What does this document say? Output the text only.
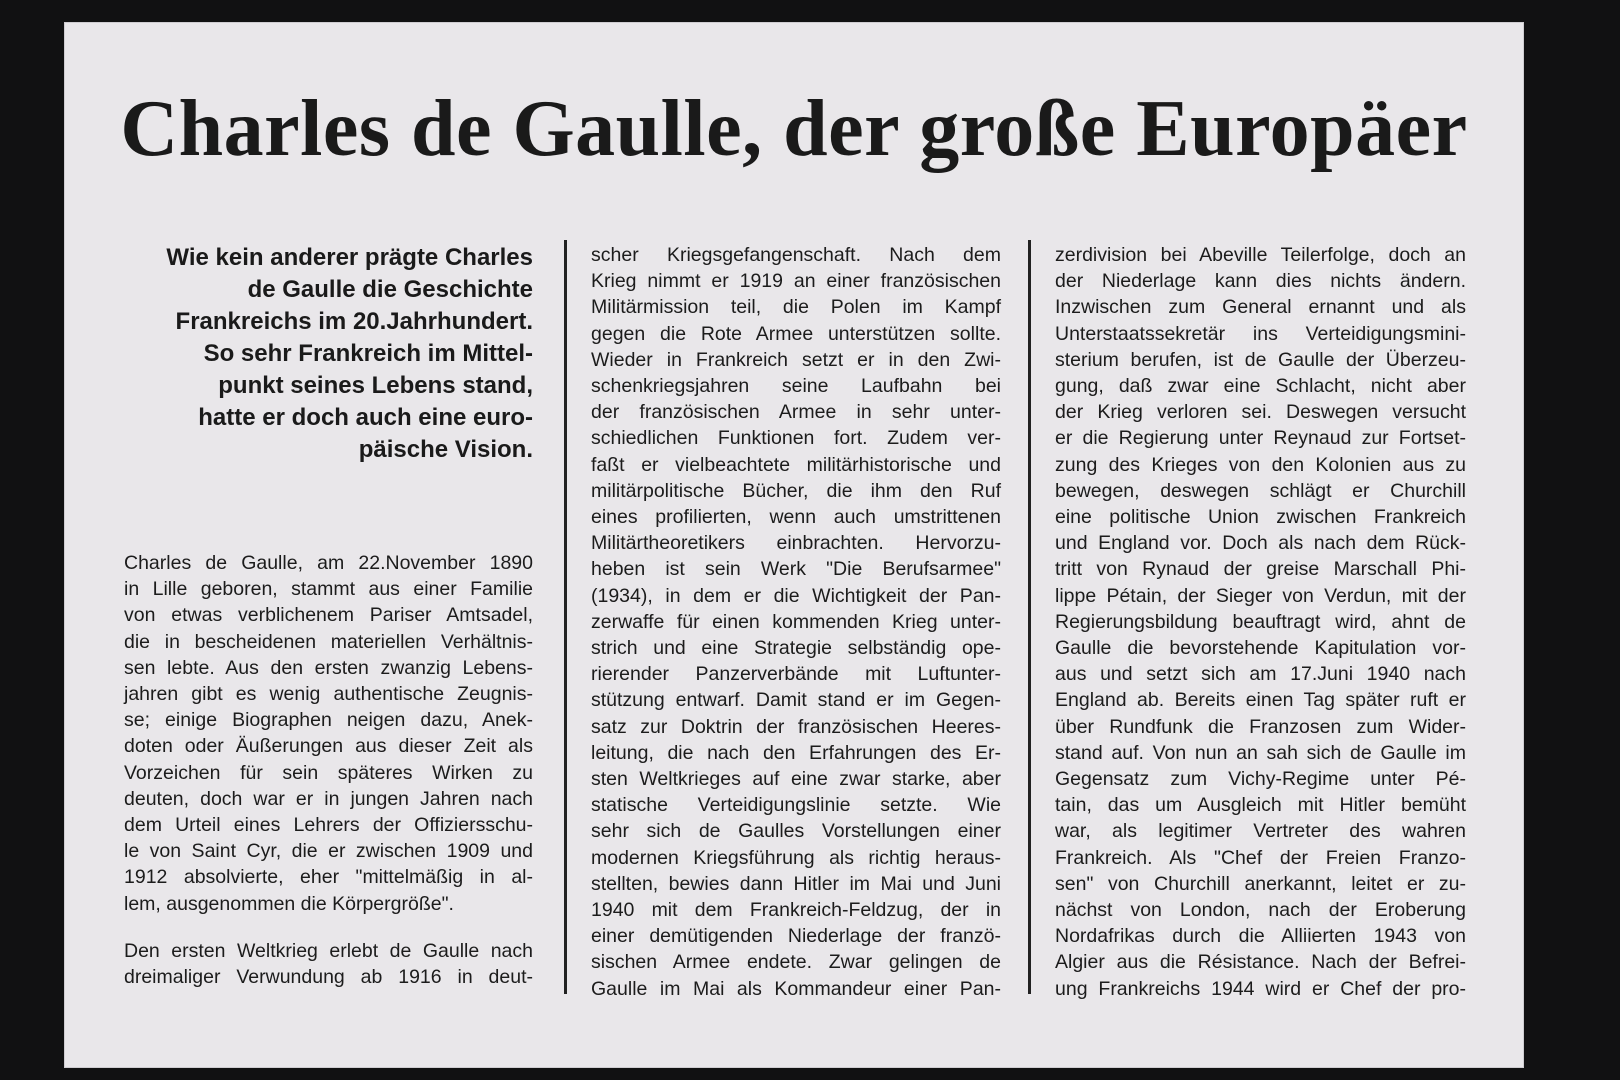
Charles de Gaulle, der große Europäer
Wie kein anderer prägte Charles
de Gaulle die Geschichte
Frankreichs im 20.Jahrhundert.
So sehr Frankreich im Mittel-
punkt seines Lebens stand,
hatte er doch auch eine euro-
päische Vision.
Charles de Gaulle, am 22.November 1890
in Lille geboren, stammt aus einer Familie
von etwas verblichenem Pariser Amtsadel,
die in bescheidenen materiellen Verhältnis-
sen lebte. Aus den ersten zwanzig Lebens-
jahren gibt es wenig authentische Zeugnis-
se; einige Biographen neigen dazu, Anek-
doten oder Äußerungen aus dieser Zeit als
Vorzeichen für sein späteres Wirken zu
deuten, doch war er in jungen Jahren nach
dem Urteil eines Lehrers der Offiziersschu-
le von Saint Cyr, die er zwischen 1909 und
1912 absolvierte, eher "mittelmäßig in al-
lem, ausgenommen die Körpergröße".
Den ersten Weltkrieg erlebt de Gaulle nach
dreimaliger Verwundung ab 1916 in deut-
scher Kriegsgefangenschaft. Nach dem
Krieg nimmt er 1919 an einer französischen
Militärmission teil, die Polen im Kampf
gegen die Rote Armee unterstützen sollte.
Wieder in Frankreich setzt er in den Zwi-
schenkriegsjahren seine Laufbahn bei
der französischen Armee in sehr unter-
schiedlichen Funktionen fort. Zudem ver-
faßt er vielbeachtete militärhistorische und
militärpolitische Bücher, die ihm den Ruf
eines profilierten, wenn auch umstrittenen
Militärtheoretikers einbrachten. Hervorzu-
heben ist sein Werk "Die Berufsarmee"
(1934), in dem er die Wichtigkeit der Pan-
zerwaffe für einen kommenden Krieg unter-
strich und eine Strategie selbständig ope-
rierender Panzerverbände mit Luftunter-
stützung entwarf. Damit stand er im Gegen-
satz zur Doktrin der französischen Heeres-
leitung, die nach den Erfahrungen des Er-
sten Weltkrieges auf eine zwar starke, aber
statische Verteidigungslinie setzte. Wie
sehr sich de Gaulles Vorstellungen einer
modernen Kriegsführung als richtig heraus-
stellten, bewies dann Hitler im Mai und Juni
1940 mit dem Frankreich-Feldzug, der in
einer demütigenden Niederlage der franzö-
sischen Armee endete. Zwar gelingen de
Gaulle im Mai als Kommandeur einer Pan-
zerdivision bei Abeville Teilerfolge, doch an
der Niederlage kann dies nichts ändern.
Inzwischen zum General ernannt und als
Unterstaatssekretär ins Verteidigungsmini-
sterium berufen, ist de Gaulle der Überzeu-
gung, daß zwar eine Schlacht, nicht aber
der Krieg verloren sei. Deswegen versucht
er die Regierung unter Reynaud zur Fortset-
zung des Krieges von den Kolonien aus zu
bewegen, deswegen schlägt er Churchill
eine politische Union zwischen Frankreich
und England vor. Doch als nach dem Rück-
tritt von Rynaud der greise Marschall Phi-
lippe Pétain, der Sieger von Verdun, mit der
Regierungsbildung beauftragt wird, ahnt de
Gaulle die bevorstehende Kapitulation vor-
aus und setzt sich am 17.Juni 1940 nach
England ab. Bereits einen Tag später ruft er
über Rundfunk die Franzosen zum Wider-
stand auf. Von nun an sah sich de Gaulle im
Gegensatz zum Vichy-Regime unter Pé-
tain, das um Ausgleich mit Hitler bemüht
war, als legitimer Vertreter des wahren
Frankreich. Als "Chef der Freien Franzo-
sen" von Churchill anerkannt, leitet er zu-
nächst von London, nach der Eroberung
Nordafrikas durch die Alliierten 1943 von
Algier aus die Résistance. Nach der Befrei-
ung Frankreichs 1944 wird er Chef der pro-
